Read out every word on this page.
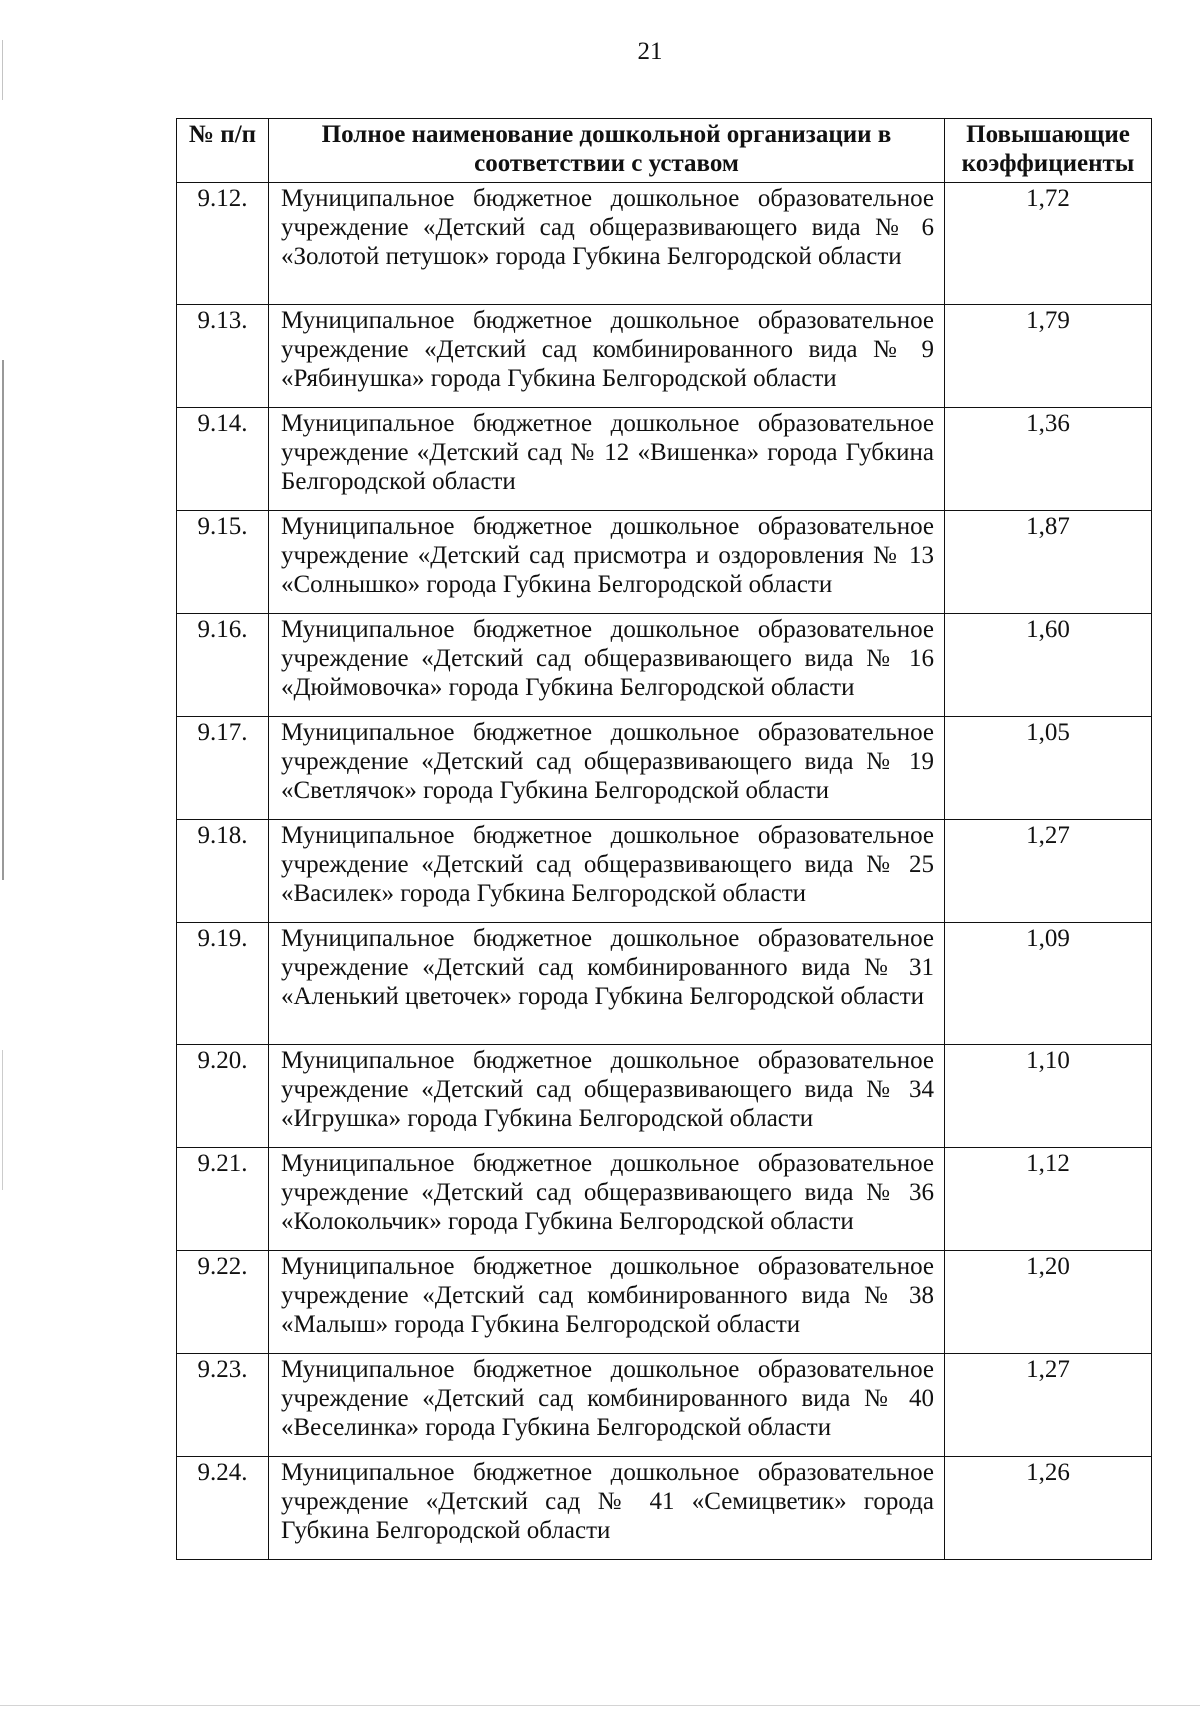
21
№ п/п	Полное наименование дошкольной организации в соответствии с уставом	Повышающие коэффициенты
9.12.	Муниципальное бюджетное дошкольное образовательное учреждение «Детский сад общеразвивающего вида № 6 «Золотой петушок» города Губкина Белгородской области	1,72
9.13.	Муниципальное бюджетное дошкольное образовательное учреждение «Детский сад комбинированного вида № 9 «Рябинушка» города Губкина Белгородской области	1,79
9.14.	Муниципальное бюджетное дошкольное образовательное учреждение «Детский сад № 12 «Вишенка» города Губкина Белгородской области	1,36
9.15.	Муниципальное бюджетное дошкольное образовательное учреждение «Детский сад присмотра и оздоровления № 13 «Солнышко» города Губкина Белгородской области	1,87
9.16.	Муниципальное бюджетное дошкольное образовательное учреждение «Детский сад общеразвивающего вида № 16 «Дюймовочка» города Губкина Белгородской области	1,60
9.17.	Муниципальное бюджетное дошкольное образовательное учреждение «Детский сад общеразвивающего вида № 19 «Светлячок» города Губкина Белгородской области	1,05
9.18.	Муниципальное бюджетное дошкольное образовательное учреждение «Детский сад общеразвивающего вида № 25 «Василек» города Губкина Белгородской области	1,27
9.19.	Муниципальное бюджетное дошкольное образовательное учреждение «Детский сад комбинированного вида № 31 «Аленький цветочек» города Губкина Белгородской области	1,09
9.20.	Муниципальное бюджетное дошкольное образовательное учреждение «Детский сад общеразвивающего вида № 34 «Игрушка» города Губкина Белгородской области	1,10
9.21.	Муниципальное бюджетное дошкольное образовательное учреждение «Детский сад общеразвивающего вида № 36 «Колокольчик» города Губкина Белгородской области	1,12
9.22.	Муниципальное бюджетное дошкольное образовательное учреждение «Детский сад комбинированного вида № 38 «Малыш» города Губкина Белгородской области	1,20
9.23.	Муниципальное бюджетное дошкольное образовательное учреждение «Детский сад комбинированного вида № 40 «Веселинка» города Губкина Белгородской области	1,27
9.24.	Муниципальное бюджетное дошкольное образовательное учреждение «Детский сад № 41 «Семицветик» города Губкина Белгородской области	1,26
